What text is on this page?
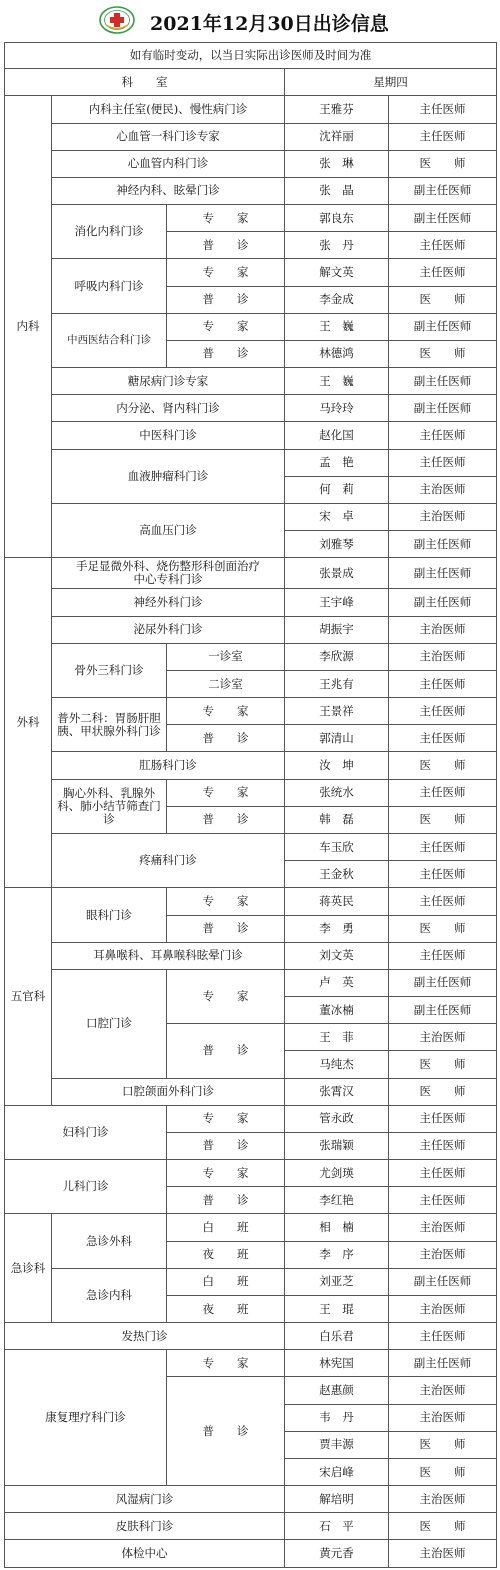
2021年12月30日出诊信息
如有临时变动，以当日实际出诊医师及时间为准				
科　　室			星期四	
内科	内科主任室(便民)、慢性病门诊		王雅芬	主任医师
	心血管一科门诊专家		沈祥丽	主任医师
	心血管内科门诊		张　琳	医　　师
	神经内科、眩晕门诊		张　晶	副主任医师
	消化内科门诊	专　　家	郭良东	副主任医师
		普　　诊	张　丹	主任医师
	呼吸内科门诊	专　　家	解文英	主任医师
		普　　诊	李金成	医　　师
	中西医结合科门诊	专　　家	王　巍	副主任医师
		普　　诊	林德鸿	医　　师
	糖尿病门诊专家		王　巍	副主任医师
	内分泌、肾内科门诊		马玲玲	副主任医师
	中医科门诊		赵化国	主任医师
	血液肿瘤科门诊		孟　艳	主任医师
			何　莉	主治医师
	高血压门诊		宋　卓	主治医师
			刘雅琴	副主任医师
外科	手足显微外科、烧伤整形科创面治疗中心专科门诊		张景成	副主任医师
	神经外科门诊		王宇峰	副主任医师
	泌尿外科门诊		胡振宇	主治医师
	骨外三科门诊	一诊室	李欣源	主治医师
		二诊室	王兆有	主任医师
	普外二科：胃肠肝胆胰、甲状腺外科门诊	专　　家	王景祥	主任医师
		普　　诊	郭清山	主任医师
	肛肠科门诊		汝　坤	医　　师
	胸心外科、乳腺外科、肺小结节筛查门诊	专　　家	张统水	主任医师
		普　　诊	韩　磊	医　　师
	疼痛科门诊		车玉欣	主任医师
			王金秋	主任医师
五官科	眼科门诊	专　　家	蒋英民	主任医师
		普　　诊	李　勇	医　　师
	耳鼻喉科、耳鼻喉科眩晕门诊		刘文英	主任医师
	口腔门诊	专　　家	卢　英	副主任医师
			董冰楠	副主任医师
		普　　诊	王　菲	主治医师
			马纯杰	医　　师
	口腔颌面外科门诊		张霄汉	医　　师
妇科门诊		专　　家	管永政	主任医师
		普　　诊	张瑞颖	主任医师
儿科门诊		专　　家	尤剑瑛	主任医师
		普　　诊	李红艳	主任医师
急诊科	急诊外科	白　　班	相　楠	主治医师
		夜　　班	李　序	主治医师
	急诊内科	白　　班	刘亚芝	副主任医师
		夜　　班	王　琨	主治医师
发热门诊			白乐君	主任医师
康复理疗科门诊		专　　家	林宪国	副主任医师
		普　　诊	赵惠颜	主治医师
			韦　丹	主治医师
			贾丰源	医　　师
			宋启峰	医　　师
风湿病门诊			解培明	主治医师
皮肤科门诊			石　平	医　　师
体检中心			黄元香	主治医师
